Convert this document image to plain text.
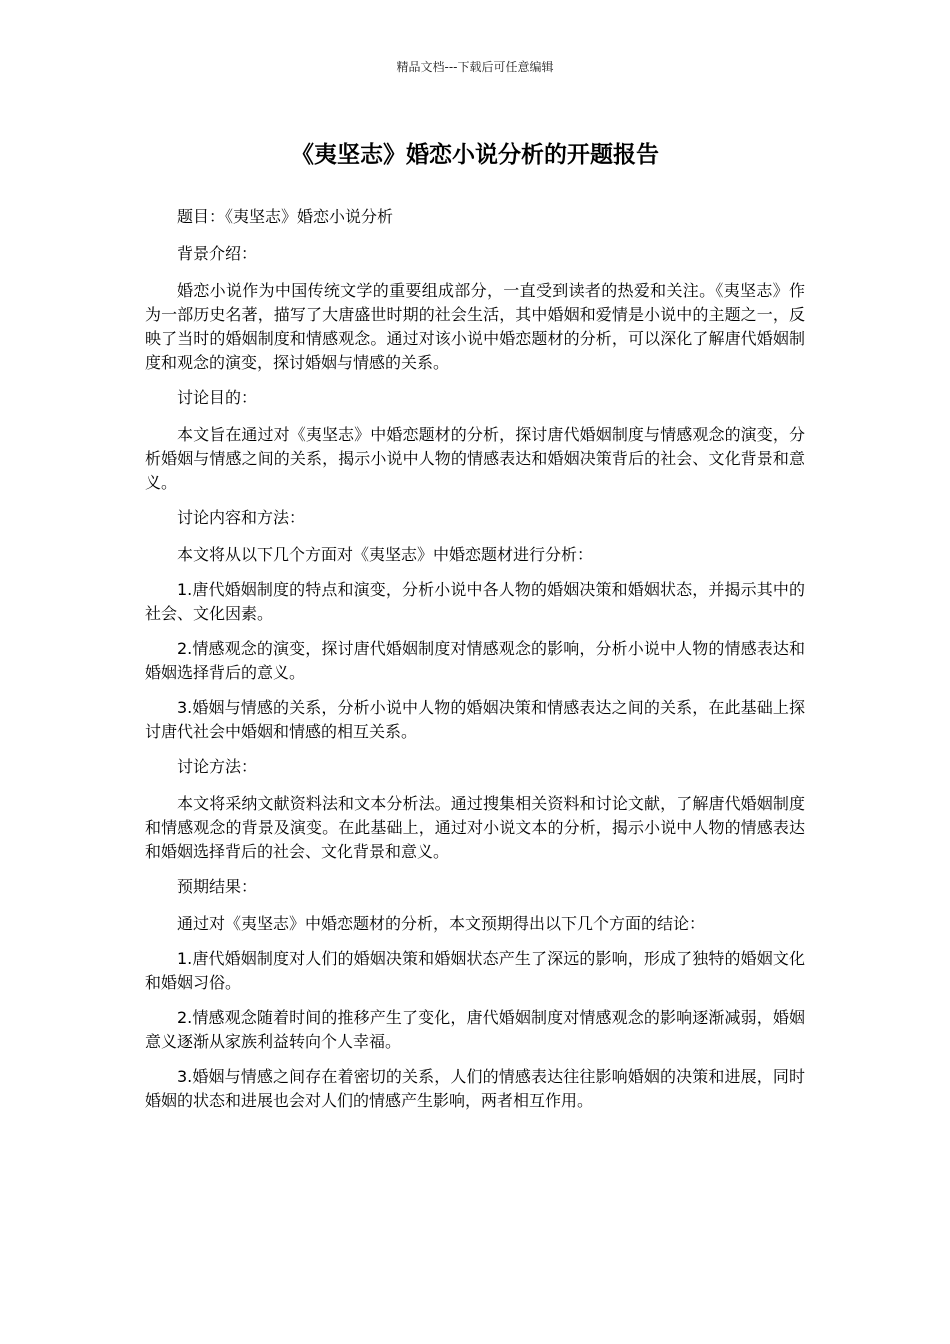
精品文档---下载后可任意编辑
《夷坚志》婚恋小说分析的开题报告

题目：《夷坚志》婚恋小说分析

背景介绍：

婚恋小说作为中国传统文学的重要组成部分，一直受到读者的热爱和关注。《夷坚志》作为一部历史名著，描写了大唐盛世时期的社会生活，其中婚姻和爱情是小说中的主题之一，反映了当时的婚姻制度和情感观念。通过对该小说中婚恋题材的分析，可以深化了解唐代婚姻制度和观念的演变，探讨婚姻与情感的关系。

讨论目的：

本文旨在通过对《夷坚志》中婚恋题材的分析，探讨唐代婚姻制度与情感观念的演变，分析婚姻与情感之间的关系，揭示小说中人物的情感表达和婚姻决策背后的社会、文化背景和意义。

讨论内容和方法：

本文将从以下几个方面对《夷坚志》中婚恋题材进行分析：

1.唐代婚姻制度的特点和演变，分析小说中各人物的婚姻决策和婚姻状态，并揭示其中的社会、文化因素。

2.情感观念的演变，探讨唐代婚姻制度对情感观念的影响，分析小说中人物的情感表达和婚姻选择背后的意义。

3.婚姻与情感的关系，分析小说中人物的婚姻决策和情感表达之间的关系，在此基础上探讨唐代社会中婚姻和情感的相互关系。

讨论方法：

本文将采纳文献资料法和文本分析法。通过搜集相关资料和讨论文献，了解唐代婚姻制度和情感观念的背景及演变。在此基础上，通过对小说文本的分析，揭示小说中人物的情感表达和婚姻选择背后的社会、文化背景和意义。

预期结果：

通过对《夷坚志》中婚恋题材的分析，本文预期得出以下几个方面的结论：

1.唐代婚姻制度对人们的婚姻决策和婚姻状态产生了深远的影响，形成了独特的婚姻文化和婚姻习俗。

2.情感观念随着时间的推移产生了变化，唐代婚姻制度对情感观念的影响逐渐减弱，婚姻意义逐渐从家族利益转向个人幸福。

3.婚姻与情感之间存在着密切的关系，人们的情感表达往往影响婚姻的决策和进展，同时婚姻的状态和进展也会对人们的情感产生影响，两者相互作用。
